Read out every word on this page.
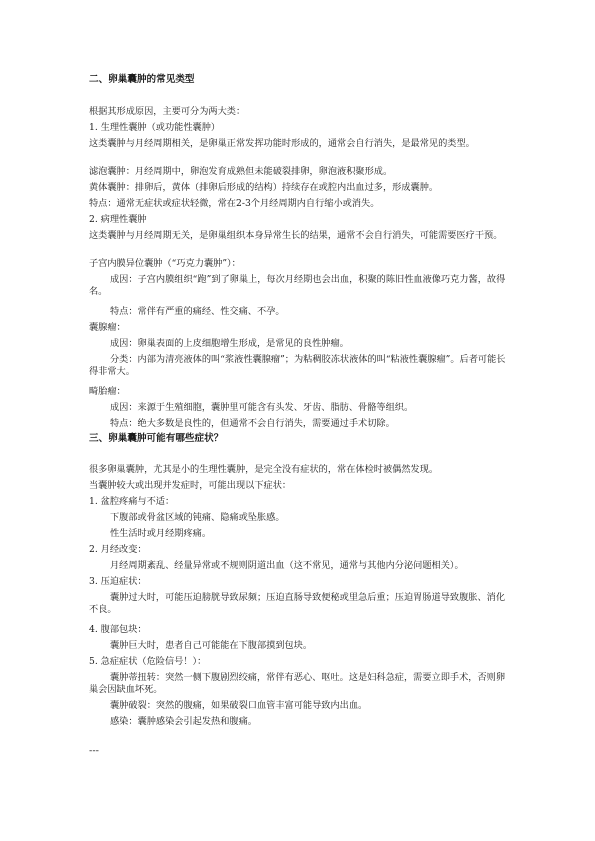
二、卵巢囊肿的常见类型
根据其形成原因，主要可分为两大类：
1. 生理性囊肿（或功能性囊肿）
这类囊肿与月经周期相关，是卵巢正常发挥功能时形成的，通常会自行消失，是最常见的类型。
滤泡囊肿：月经周期中，卵泡发育成熟但未能破裂排卵，卵泡液积聚形成。
黄体囊肿：排卵后，黄体（排卵后形成的结构）持续存在或腔内出血过多，形成囊肿。
特点：通常无症状或症状轻微，常在2-3个月经周期内自行缩小或消失。
2. 病理性囊肿
这类囊肿与月经周期无关，是卵巢组织本身异常生长的结果，通常不会自行消失，可能需要医疗干预。
子宫内膜异位囊肿（“巧克力囊肿”）：
成因：子宫内膜组织“跑”到了卵巢上，每次月经期也会出血，积聚的陈旧性血液像巧克力酱，故得名。
特点：常伴有严重的痛经、性交痛、不孕。
囊腺瘤：
成因：卵巢表面的上皮细胞增生形成，是常见的良性肿瘤。
分类：内部为清亮液体的叫“浆液性囊腺瘤”；为粘稠胶冻状液体的叫“粘液性囊腺瘤”。后者可能长得非常大。
畸胎瘤：
成因：来源于生殖细胞，囊肿里可能含有头发、牙齿、脂肪、骨骼等组织。
特点：绝大多数是良性的，但通常不会自行消失，需要通过手术切除。
三、卵巢囊肿可能有哪些症状？
很多卵巢囊肿，尤其是小的生理性囊肿，是完全没有症状的，常在体检时被偶然发现。
当囊肿较大或出现并发症时，可能出现以下症状：
1. 盆腔疼痛与不适：
下腹部或骨盆区域的钝痛、隐痛或坠胀感。
性生活时或月经期疼痛。
2. 月经改变：
月经周期紊乱、经量异常或不规则阴道出血（这不常见，通常与其他内分泌问题相关）。
3. 压迫症状：
囊肿过大时，可能压迫膀胱导致尿频；压迫直肠导致便秘或里急后重；压迫胃肠道导致腹胀、消化不良。
4. 腹部包块：
囊肿巨大时，患者自己可能能在下腹部摸到包块。
5. 急症症状（危险信号！）：
囊肿蒂扭转：突然一侧下腹剧烈绞痛，常伴有恶心、呕吐。这是妇科急症，需要立即手术，否则卵巢会因缺血坏死。
囊肿破裂：突然的腹痛，如果破裂口血管丰富可能导致内出血。
感染：囊肿感染会引起发热和腹痛。
---
